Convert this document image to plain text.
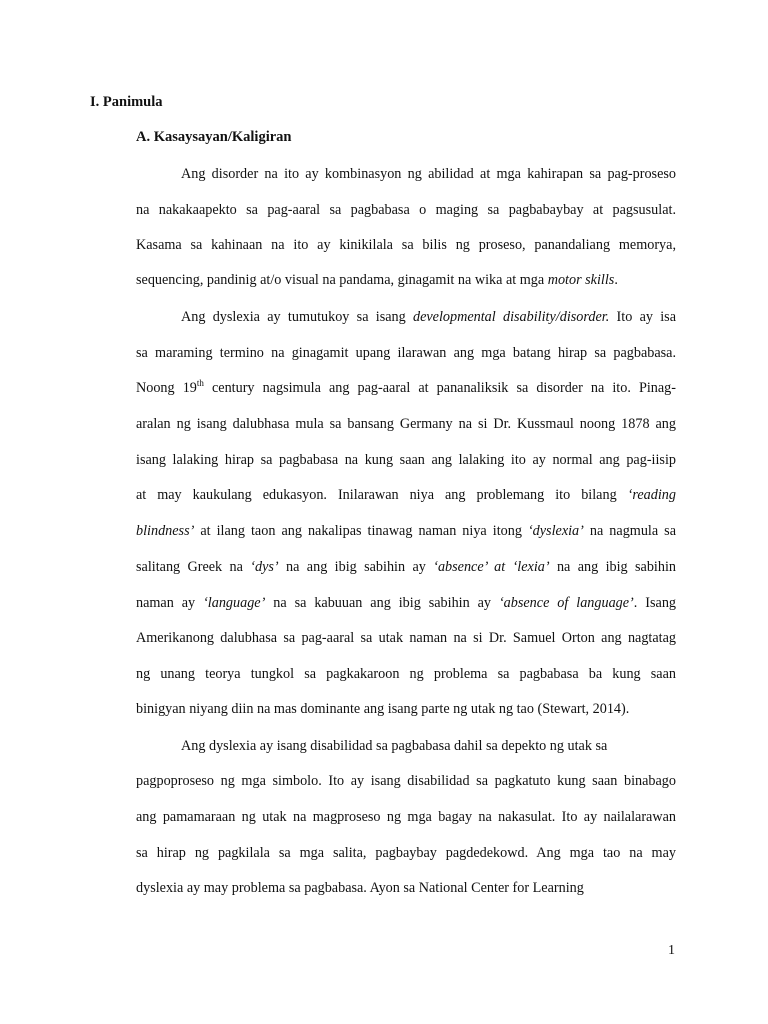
I. Panimula
A. Kasaysayan/Kaligiran
Ang disorder na ito ay kombinasyon ng abilidad at mga kahirapan sa pag-proseso
na nakakaapekto sa pag-aaral sa pagbabasa o maging sa pagbabaybay at pagsusulat.
Kasama sa kahinaan na ito ay kinikilala sa bilis ng proseso, panandaliang memorya,
sequencing, pandinig at/o visual na pandama, ginagamit na wika at mga motor skills.
Ang dyslexia ay tumutukoy sa isang developmental disability/disorder. Ito ay isa
sa maraming termino na ginagamit upang ilarawan ang mga batang hirap sa pagbabasa.
Noong 19th century nagsimula ang pag-aaral at pananaliksik sa disorder na ito. Pinag-
aralan ng isang dalubhasa mula sa bansang Germany na si Dr. Kussmaul noong 1878 ang
isang lalaking hirap sa pagbabasa na kung saan ang lalaking ito ay normal ang pag-iisip
at may kaukulang edukasyon. Inilarawan niya ang problemang ito bilang ‘reading
blindness’ at ilang taon ang nakalipas tinawag naman niya itong ‘dyslexia’ na nagmula sa
salitang Greek na ‘dys’ na ang ibig sabihin ay ‘absence’ at ‘lexia’ na ang ibig sabihin
naman ay ‘language’ na sa kabuuan ang ibig sabihin ay ‘absence of language’. Isang
Amerikanong dalubhasa sa pag-aaral sa utak naman na si Dr. Samuel Orton ang nagtatag
ng unang teorya tungkol sa pagkakaroon ng problema sa pagbabasa ba kung saan
binigyan niyang diin na mas dominante ang isang parte ng utak ng tao (Stewart, 2014).
Ang dyslexia ay isang disabilidad sa pagbabasa dahil sa depekto ng utak sa
pagpoproseso ng mga simbolo. Ito ay isang disabilidad sa pagkatuto kung saan binabago
ang pamamaraan ng utak na magproseso ng mga bagay na nakasulat. Ito ay nailalarawan
sa hirap ng pagkilala sa mga salita, pagbaybay pagdedekowd. Ang mga tao na may
dyslexia ay may problema sa pagbabasa. Ayon sa National Center for Learning
1
